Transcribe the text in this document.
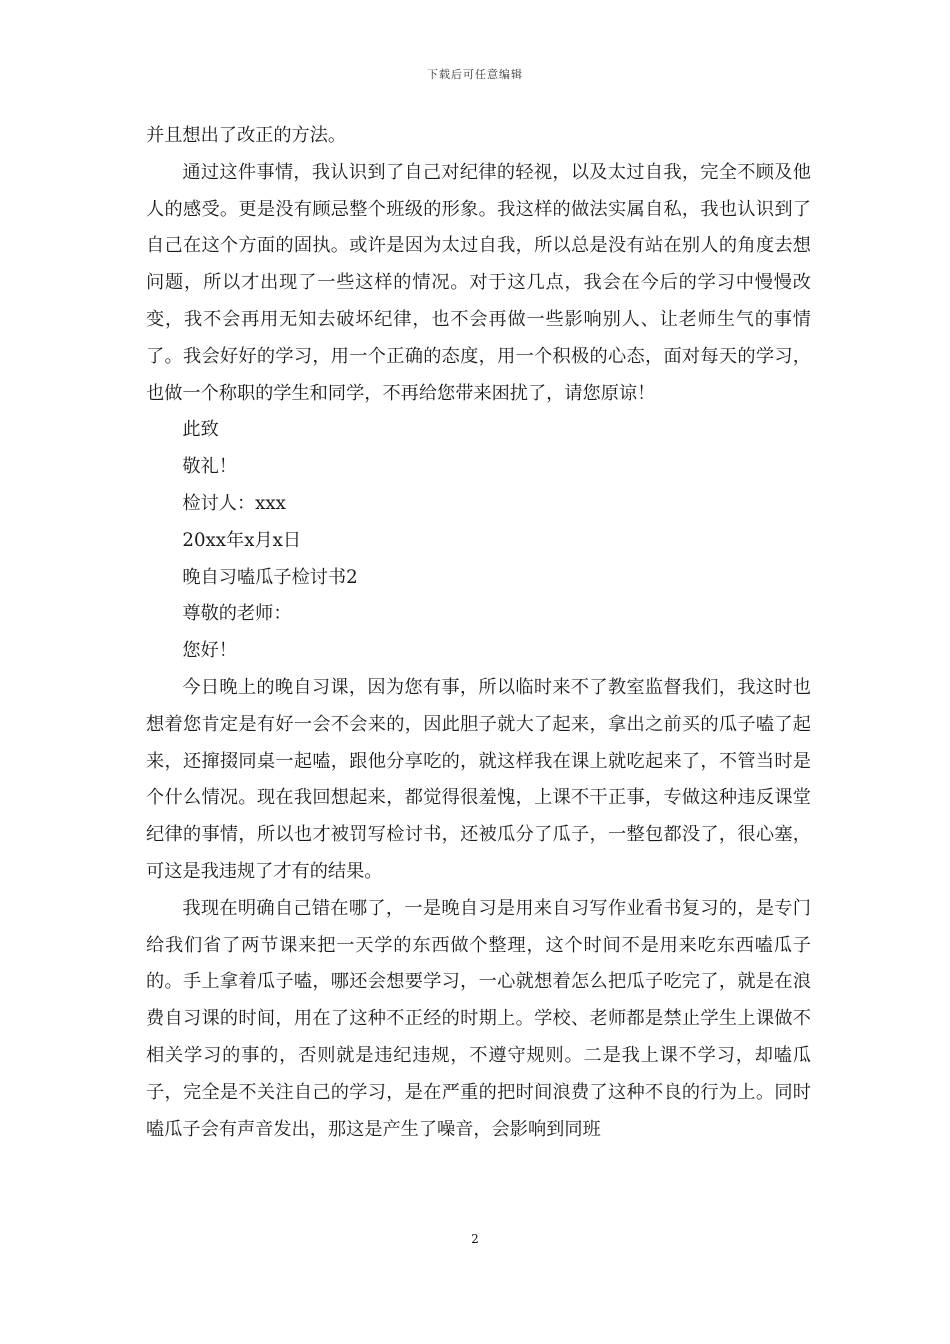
下载后可任意编辑

并且想出了改正的方法。

通过这件事情，我认识到了自己对纪律的轻视，以及太过自我，完全不顾及他人的感受。更是没有顾忌整个班级的形象。我这样的做法实属自私，我也认识到了自己在这个方面的固执。或许是因为太过自我，所以总是没有站在别人的角度去想问题，所以才出现了一些这样的情况。对于这几点，我会在今后的学习中慢慢改变，我不会再用无知去破坏纪律，也不会再做一些影响别人、让老师生气的事情了。我会好好的学习，用一个正确的态度，用一个积极的心态，面对每天的学习，也做一个称职的学生和同学，不再给您带来困扰了，请您原谅！

此致

敬礼！

检讨人：xxx

20xx年x月x日

晚自习嗑瓜子检讨书2

尊敬的老师：

您好！

今日晚上的晚自习课，因为您有事，所以临时来不了教室监督我们，我这时也想着您肯定是有好一会不会来的，因此胆子就大了起来，拿出之前买的瓜子嗑了起来，还撺掇同桌一起嗑，跟他分享吃的，就这样我在课上就吃起来了，不管当时是个什么情况。现在我回想起来，都觉得很羞愧，上课不干正事，专做这种违反课堂纪律的事情，所以也才被罚写检讨书，还被瓜分了瓜子，一整包都没了，很心塞，可这是我违规了才有的结果。

我现在明确自己错在哪了，一是晚自习是用来自习写作业看书复习的，是专门给我们省了两节课来把一天学的东西做个整理，这个时间不是用来吃东西嗑瓜子的。手上拿着瓜子嗑，哪还会想要学习，一心就想着怎么把瓜子吃完了，就是在浪费自习课的时间，用在了这种不正经的时期上。学校、老师都是禁止学生上课做不相关学习的事的，否则就是违纪违规，不遵守规则。二是我上课不学习，却嗑瓜子，完全是不关注自己的学习，是在严重的把时间浪费了这种不良的行为上。同时嗑瓜子会有声音发出，那这是产生了噪音，会影响到同班

2
